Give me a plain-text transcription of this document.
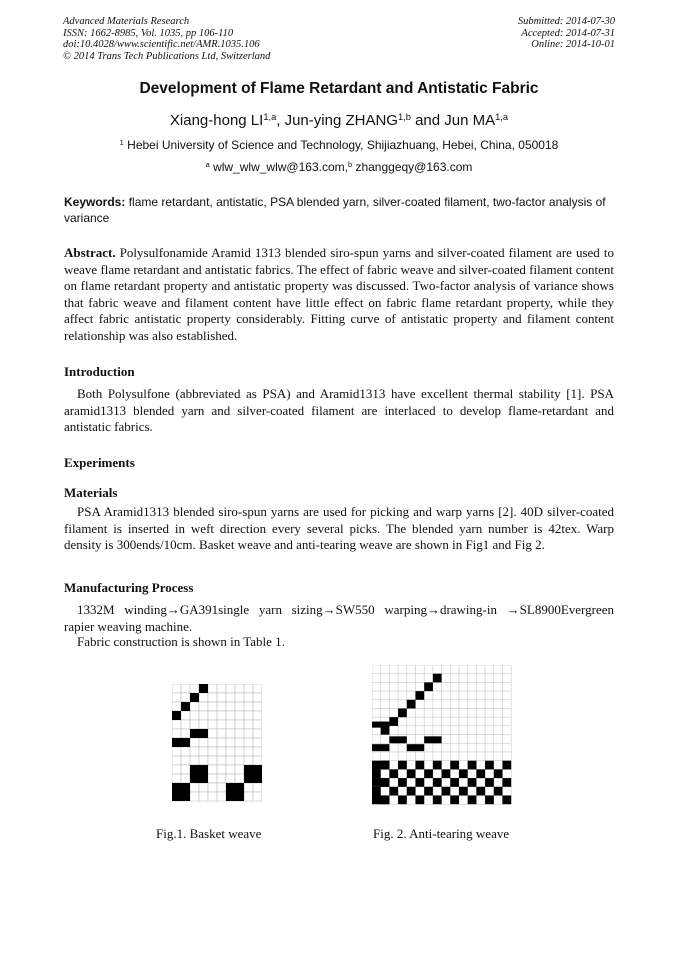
Advanced Materials Research
ISSN: 1662-8985, Vol. 1035, pp 106-110
doi:10.4028/www.scientific.net/AMR.1035.106
© 2014 Trans Tech Publications Ltd, Switzerland
Submitted: 2014-07-30
Accepted: 2014-07-31
Online: 2014-10-01
Development of Flame Retardant and Antistatic Fabric
Xiang-hong LI$^{1,a}$, Jun-ying ZHANG$^{1,b}$ and Jun MA$^{1,a}$
$^1$ Hebei University of Science and Technology, Shijiazhuang, Hebei, China, 050018
$^a$ wlw_wlw_wlw@163.com,$^b$ zhanggeqy@163.com
Keywords: flame retardant, antistatic, PSA blended yarn, silver-coated filament, two-factor analysis of variance
Abstract. Polysulfonamide Aramid 1313 blended siro-spun yarns and silver-coated filament are used to weave flame retardant and antistatic fabrics. The effect of fabric weave and silver-coated filament content on flame retardant property and antistatic property was discussed. Two-factor analysis of variance shows that fabric weave and filament content have little effect on fabric flame retardant property, while they affect fabric antistatic property considerably. Fitting curve of antistatic property and filament content relationship was also established.
Introduction
Both Polysulfone (abbreviated as PSA) and Aramid1313 have excellent thermal stability [1]. PSA aramid1313 blended yarn and silver-coated filament are interlaced to develop flame-retardant and antistatic fabrics.
Experiments
Materials
PSA Aramid1313 blended siro-spun yarns are used for picking and warp yarns [2]. 40D silver-coated filament is inserted in weft direction every several picks. The blended yarn number is 42tex. Warp density is 300ends/10cm. Basket weave and anti-tearing weave are shown in Fig1 and Fig 2.
Manufacturing Process
1332M winding→GA391single yarn sizing→SW550 warping→drawing-in →SL8900Evergreen rapier weaving machine.
Fabric construction is shown in Table 1.
Fig.1. Basket weave	Fig. 2. Anti-tearing weave
